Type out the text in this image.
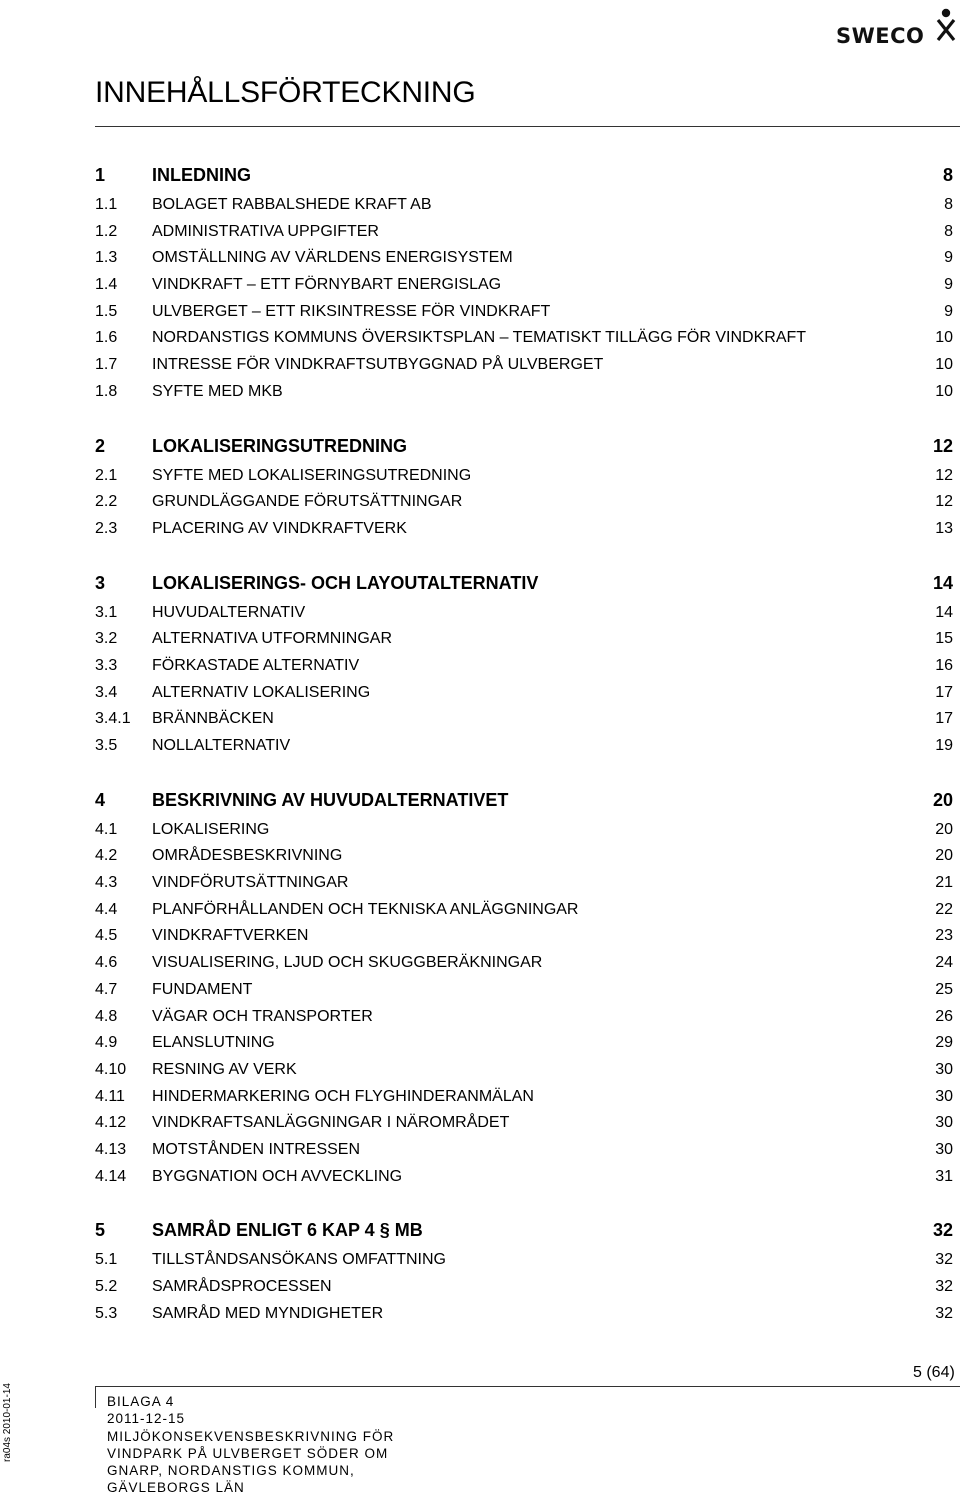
SWECO
INNEHÅLLSFÖRTECKNING
1	INLEDNING	8
1.1	BOLAGET RABBALSHEDE KRAFT AB	8
1.2	ADMINISTRATIVA UPPGIFTER	8
1.3	OMSTÄLLNING AV VÄRLDENS ENERGISYSTEM	9
1.4	VINDKRAFT – ETT FÖRNYBART ENERGISLAG	9
1.5	ULVBERGET – ETT RIKSINTRESSE FÖR VINDKRAFT	9
1.6	NORDANSTIGS KOMMUNS ÖVERSIKTSPLAN – TEMATISKT TILLÄGG FÖR VINDKRAFT	10
1.7	INTRESSE FÖR VINDKRAFTSUTBYGGNAD PÅ ULVBERGET	10
1.8	SYFTE MED MKB	10
2	LOKALISERINGSUTREDNING	12
2.1	SYFTE MED LOKALISERINGSUTREDNING	12
2.2	GRUNDLÄGGANDE FÖRUTSÄTTNINGAR	12
2.3	PLACERING AV VINDKRAFTVERK	13
3	LOKALISERINGS- OCH LAYOUTALTERNATIV	14
3.1	HUVUDALTERNATIV	14
3.2	ALTERNATIVA UTFORMNINGAR	15
3.3	FÖRKASTADE ALTERNATIV	16
3.4	ALTERNATIV LOKALISERING	17
3.4.1	BRÄNNBÄCKEN	17
3.5	NOLLALTERNATIV	19
4	BESKRIVNING AV HUVUDALTERNATIVET	20
4.1	LOKALISERING	20
4.2	OMRÅDESBESKRIVNING	20
4.3	VINDFÖRUTSÄTTNINGAR	21
4.4	PLANFÖRHÅLLANDEN OCH TEKNISKA ANLÄGGNINGAR	22
4.5	VINDKRAFTVERKEN	23
4.6	VISUALISERING, LJUD OCH SKUGGBERÄKNINGAR	24
4.7	FUNDAMENT	25
4.8	VÄGAR OCH TRANSPORTER	26
4.9	ELANSLUTNING	29
4.10	RESNING AV VERK	30
4.11	HINDERMARKERING OCH FLYGHINDERANMÄLAN	30
4.12	VINDKRAFTSANLÄGGNINGAR I NÄROMRÅDET	30
4.13	MOTSTÅNDEN INTRESSEN	30
4.14	BYGGNATION OCH AVVECKLING	31
5	SAMRÅD ENLIGT 6 KAP 4 § MB	32
5.1	TILLSTÅNDSANSÖKANS OMFATTNING	32
5.2	SAMRÅDSPROCESSEN	32
5.3	SAMRÅD MED MYNDIGHETER	32
5 (64)
BILAGA 4
2011-12-15
MILJÖKONSEKVENSBESKRIVNING FÖR
VINDPARK PÅ ULVBERGET SÖDER OM
GNARP, NORDANSTIGS KOMMUN,
GÄVLEBORGS LÄN
ra04s 2010-01-14
